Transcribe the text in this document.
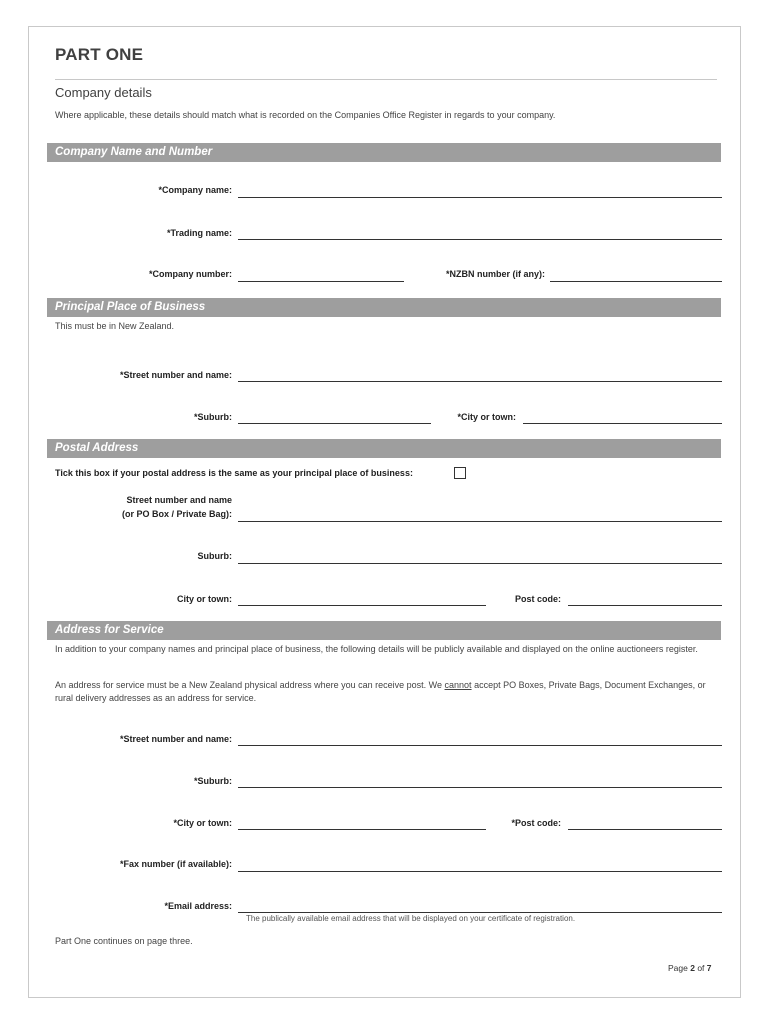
PART ONE
Company details
Where applicable, these details should match what is recorded on the Companies Office Register in regards to your company.
Company Name and Number
*Company name:
*Trading name:
*Company number:	*NZBN number (if any):
Principal Place of Business
This must be in New Zealand.
*Street number and name:
*Suburb:	*City or town:
Postal Address
Tick this box if your postal address is the same as your principal place of business:
Street number and name
(or PO Box / Private Bag):
Suburb:
City or town:	Post code:
Address for Service
In addition to your company names and principal place of business, the following details will be publicly available and displayed on the online auctioneers register.
An address for service must be a New Zealand physical address where you can receive post. We cannot accept PO Boxes, Private Bags, Document Exchanges, or rural delivery addresses as an address for service.
*Street number and name:
*Suburb:
*City or town:	*Post code:
*Fax number (if available):
*Email address:
The publically available email address that will be displayed on your certificate of registration.
Part One continues on page three.
Page 2 of 7
